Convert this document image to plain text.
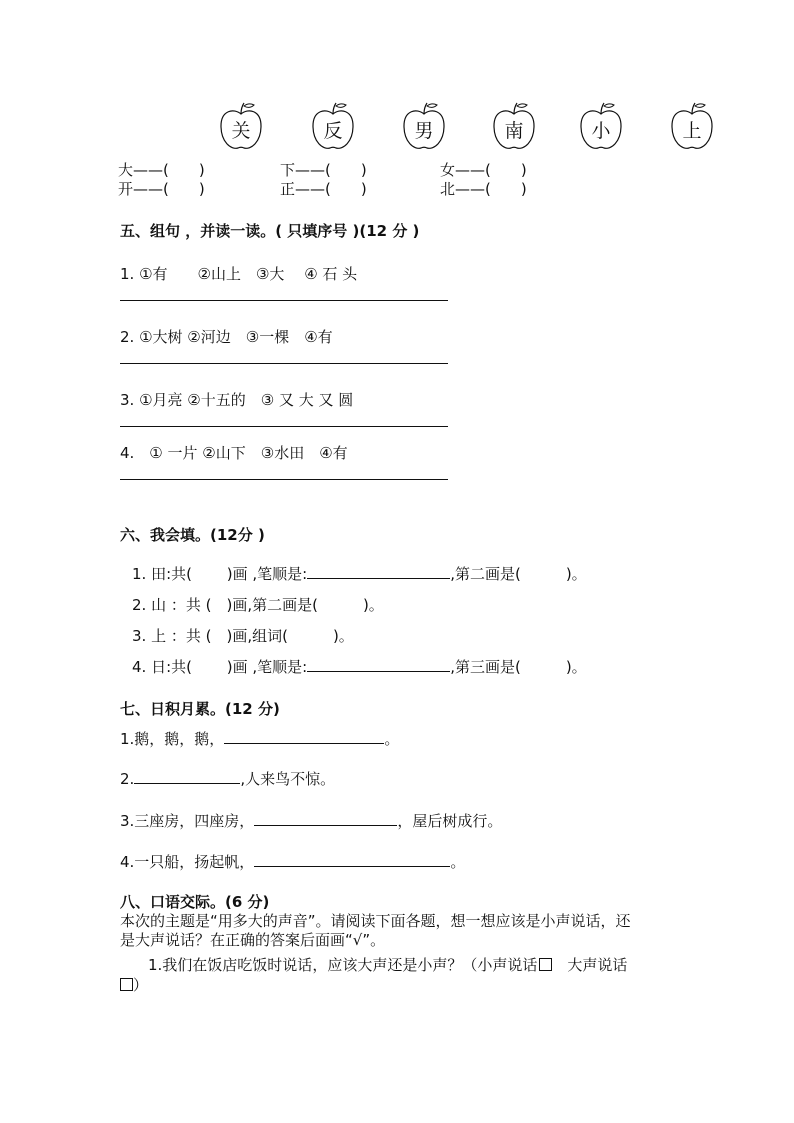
关	反	男	南	小	上
大——(　　)	下——(　　)	女——(　　)
开——(　　)	正——(　　)	北——(　　)
五、组句 ，并读一读。( 只填序号 )(12 分 )
1. ①有　　②山上　③大　 ④ 石 头
2. ①大树 ②河边　③一棵　④有
3. ①月亮 ②十五的　③ 又 大 又 圆
4.　① 一片 ②山下　③水田　④有
六、我会填。(12分 )
1. 田:共(　　 )画 ,笔顺是:	,第二画是(　　　)。
2. 山 ：共 (　)画,第二画是(　　　)。
3. 上 ：共 (　)画,组词(　　　)。
4. 日:共(　　 )画 ,笔顺是:	,第三画是(　　　)。
七、日积月累。(12 分)
1.鹅，鹅，鹅，	。
2.	,人来鸟不惊。
3.三座房，四座房，	，屋后树成行。
4.一只船，扬起帆，	。
八、口语交际。(6 分)
本次的主题是“用多大的声音”。请阅读下面各题，想一想应该是小声说话，还
是大声说话？在正确的答案后面画“√”。
1.我们在饭店吃饭时说话，应该大声还是小声？（小声说话　大声说话
）
